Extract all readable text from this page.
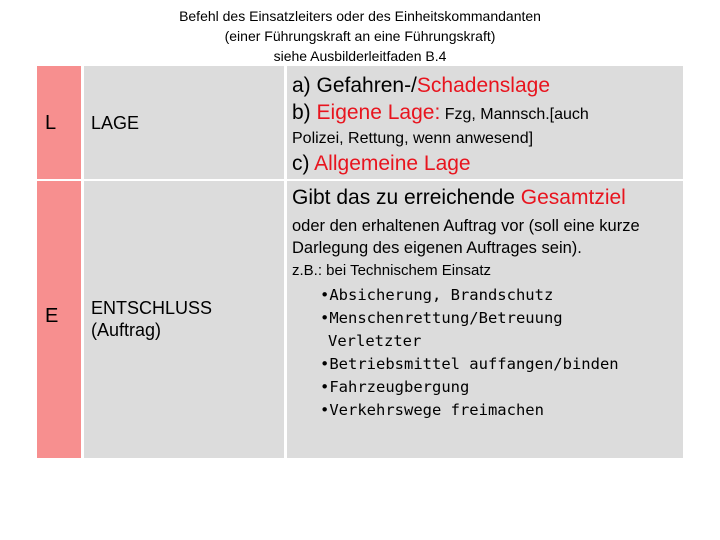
Befehl des Einsatzleiters oder des Einheitskommandanten
(einer Führungskraft an eine Führungskraft)
siehe Ausbilderleitfaden B.4
L LAGE
a) Gefahren-/Schadenslage
b) Eigene Lage: Fzg, Mannsch.[auch
Polizei, Rettung, wenn anwesend]
c) Allgemeine Lage
E ENTSCHLUSS
(Auftrag)
Gibt das zu erreichende Gesamtziel
oder den erhaltenen Auftrag vor (soll eine kurze Darlegung des eigenen Auftrages sein).
z.B.: bei Technischem Einsatz
•Absicherung, Brandschutz
•Menschenrettung/Betreuung
Verletzter
•Betriebsmittel auffangen/binden
•Fahrzeugbergung
•Verkehrswege freimachen
